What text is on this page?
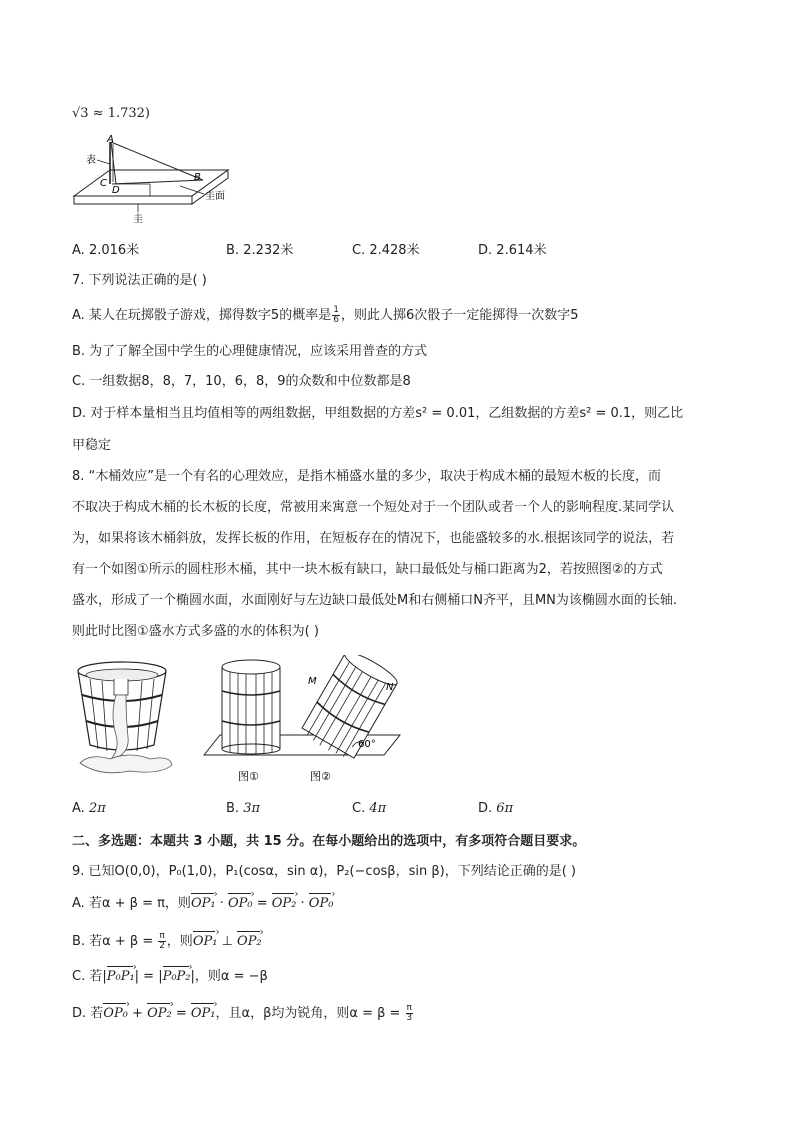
√3 ≈ 1.732)
A
表
C
D
B
圭面
圭
A. 2.016米	B. 2.232米	C. 2.428米	D. 2.614米
7. 下列说法正确的是( )
A. 某人在玩掷骰子游戏，掷得数字5的概率是 $\frac{1}{6}$ ，则此人掷6次骰子一定能掷得一次数字5
B. 为了了解全国中学生的心理健康情况，应该采用普查的方式
C. 一组数据8，8，7，10，6，8，9的众数和中位数都是8
D. 对于样本量相当且均值相等的两组数据，甲组数据的方差s² = 0.01，乙组数据的方差s² = 0.1，则乙比
甲稳定
8. “木桶效应”是一个有名的心理效应，是指木桶盛水量的多少，取决于构成木桶的最短木板的长度，而
不取决于构成木桶的长木板的长度，常被用来寓意一个短处对于一个团队或者一个人的影响程度.某同学认
为，如果将该木桶斜放，发挥长板的作用，在短板存在的情况下，也能盛较多的水.根据该同学的说法，若
有一个如图①所示的圆柱形木桶，其中一块木板有缺口，缺口最低处与桶口距离为2，若按照图②的方式
盛水，形成了一个椭圆水面，水面刚好与左边缺口最低处M和右侧桶口N齐平，且MN为该椭圆水面的长轴.
则此时比图①盛水方式多盛的水的体积为( )
M
N
60°
图①	图②
A. 2π	B. 3π	C. 4π	D. 6π
二、多选题：本题共 3 小题，共 15 分。在每小题给出的选项中，有多项符合题目要求。
9. 已知O(0,0)，P₀(1,0)，P₁(cosα，sin α)，P₂(−cosβ，sin β)，下列结论正确的是( )
A. 若α + β = π，则OP₁ › · OP₀ › = OP₂ › · OP₀ ›
B. 若$\alpha + \beta = \frac{\pi}{2}$ ，则OP₁ › ⊥ OP₂ ›
C. 若|P₀P₁ ›| = |P₀P₂ ›|，则α = −β
D. 若OP₀ › + OP₂ › = OP₁ ›，且α，β均为锐角，则$\alpha = \beta = \frac{\pi}{3}$
